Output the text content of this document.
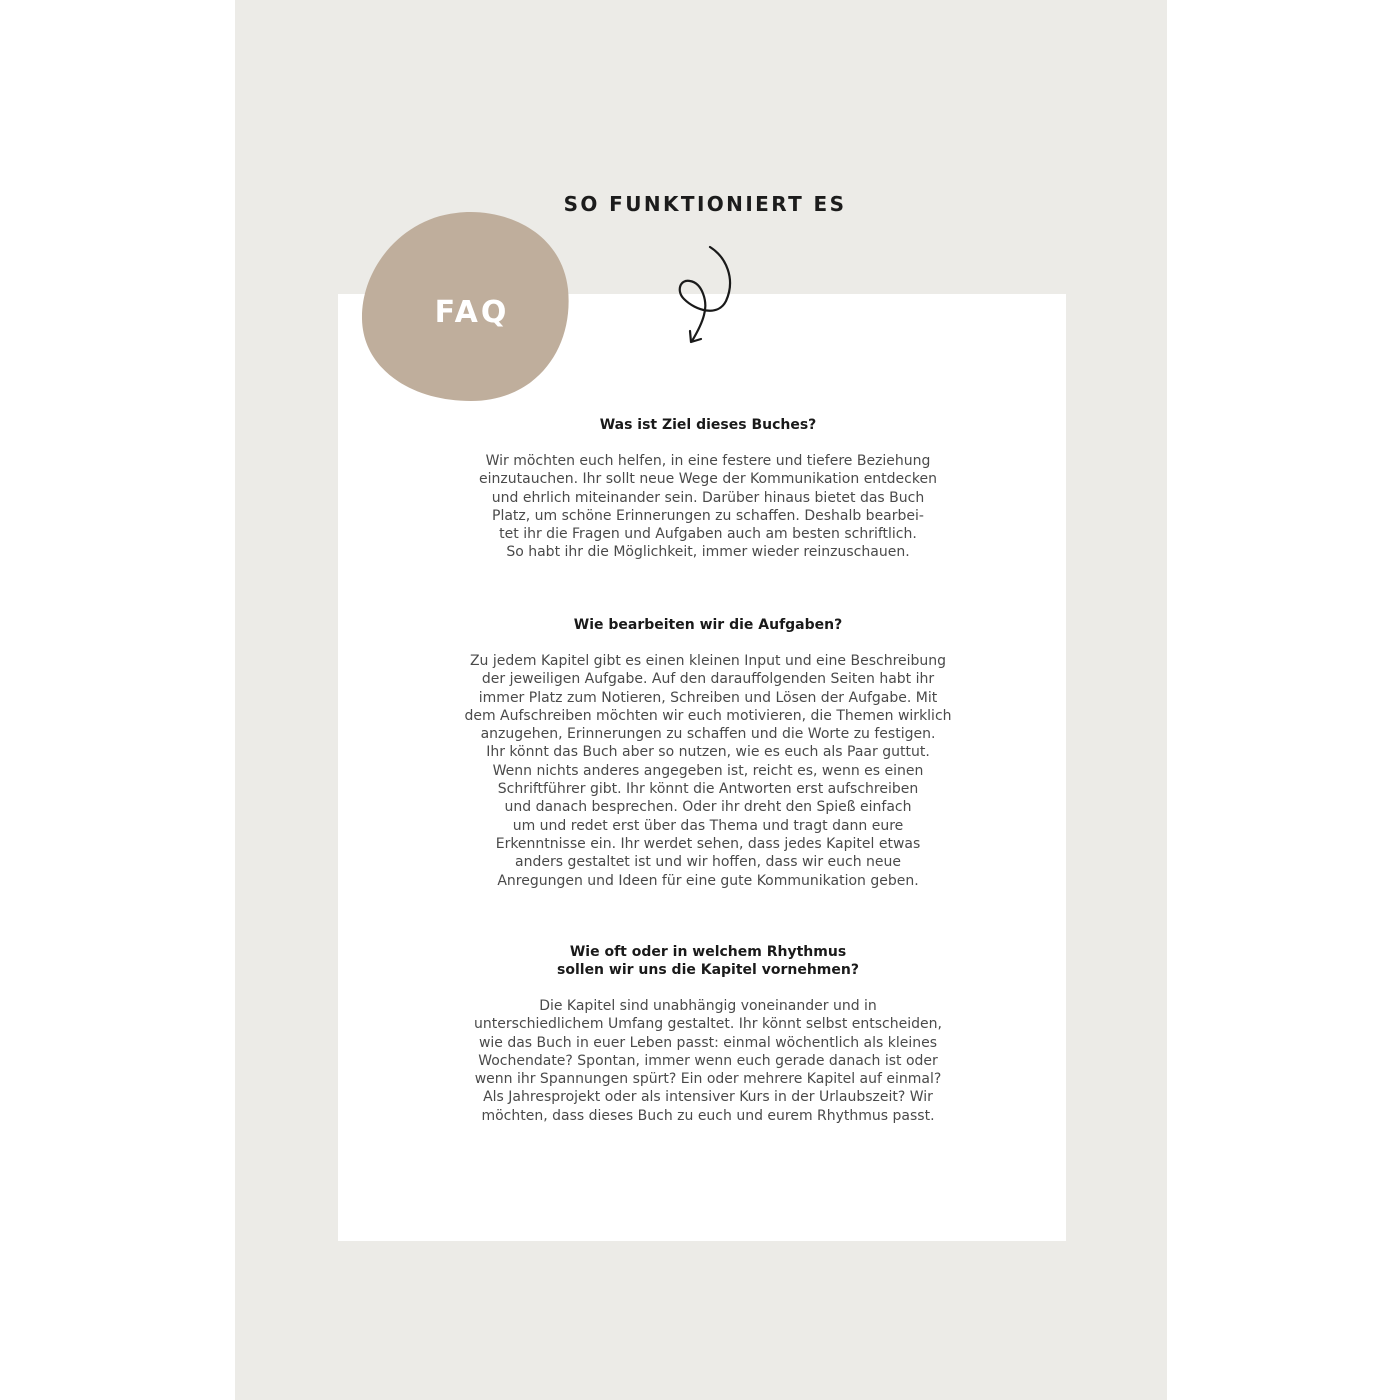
SO FUNKTIONIERT ES
FAQ
Was ist Ziel dieses Buches?

Wir möchten euch helfen, in eine festere und tiefere Beziehung
einzutauchen. Ihr sollt neue Wege der Kommunikation entdecken
und ehrlich miteinander sein. Darüber hinaus bietet das Buch
Platz, um schöne Erinnerungen zu schaffen. Deshalb bearbei-
tet ihr die Fragen und Aufgaben auch am besten schriftlich.
So habt ihr die Möglichkeit, immer wieder reinzuschauen.

Wie bearbeiten wir die Aufgaben?

Zu jedem Kapitel gibt es einen kleinen Input und eine Beschreibung
der jeweiligen Aufgabe. Auf den darauffolgenden Seiten habt ihr
immer Platz zum Notieren, Schreiben und Lösen der Aufgabe. Mit
dem Aufschreiben möchten wir euch motivieren, die Themen wirklich
anzugehen, Erinnerungen zu schaffen und die Worte zu festigen.
Ihr könnt das Buch aber so nutzen, wie es euch als Paar guttut.
Wenn nichts anderes angegeben ist, reicht es, wenn es einen
Schriftführer gibt. Ihr könnt die Antworten erst aufschreiben
und danach besprechen. Oder ihr dreht den Spieß einfach
um und redet erst über das Thema und tragt dann eure
Erkenntnisse ein. Ihr werdet sehen, dass jedes Kapitel etwas
anders gestaltet ist und wir hoffen, dass wir euch neue
Anregungen und Ideen für eine gute Kommunikation geben.

Wie oft oder in welchem Rhythmus
sollen wir uns die Kapitel vornehmen?

Die Kapitel sind unabhängig voneinander und in
unterschiedlichem Umfang gestaltet. Ihr könnt selbst entscheiden,
wie das Buch in euer Leben passt: einmal wöchentlich als kleines
Wochendate? Spontan, immer wenn euch gerade danach ist oder
wenn ihr Spannungen spürt? Ein oder mehrere Kapitel auf einmal?
Als Jahresprojekt oder als intensiver Kurs in der Urlaubszeit? Wir
möchten, dass dieses Buch zu euch und eurem Rhythmus passt.
